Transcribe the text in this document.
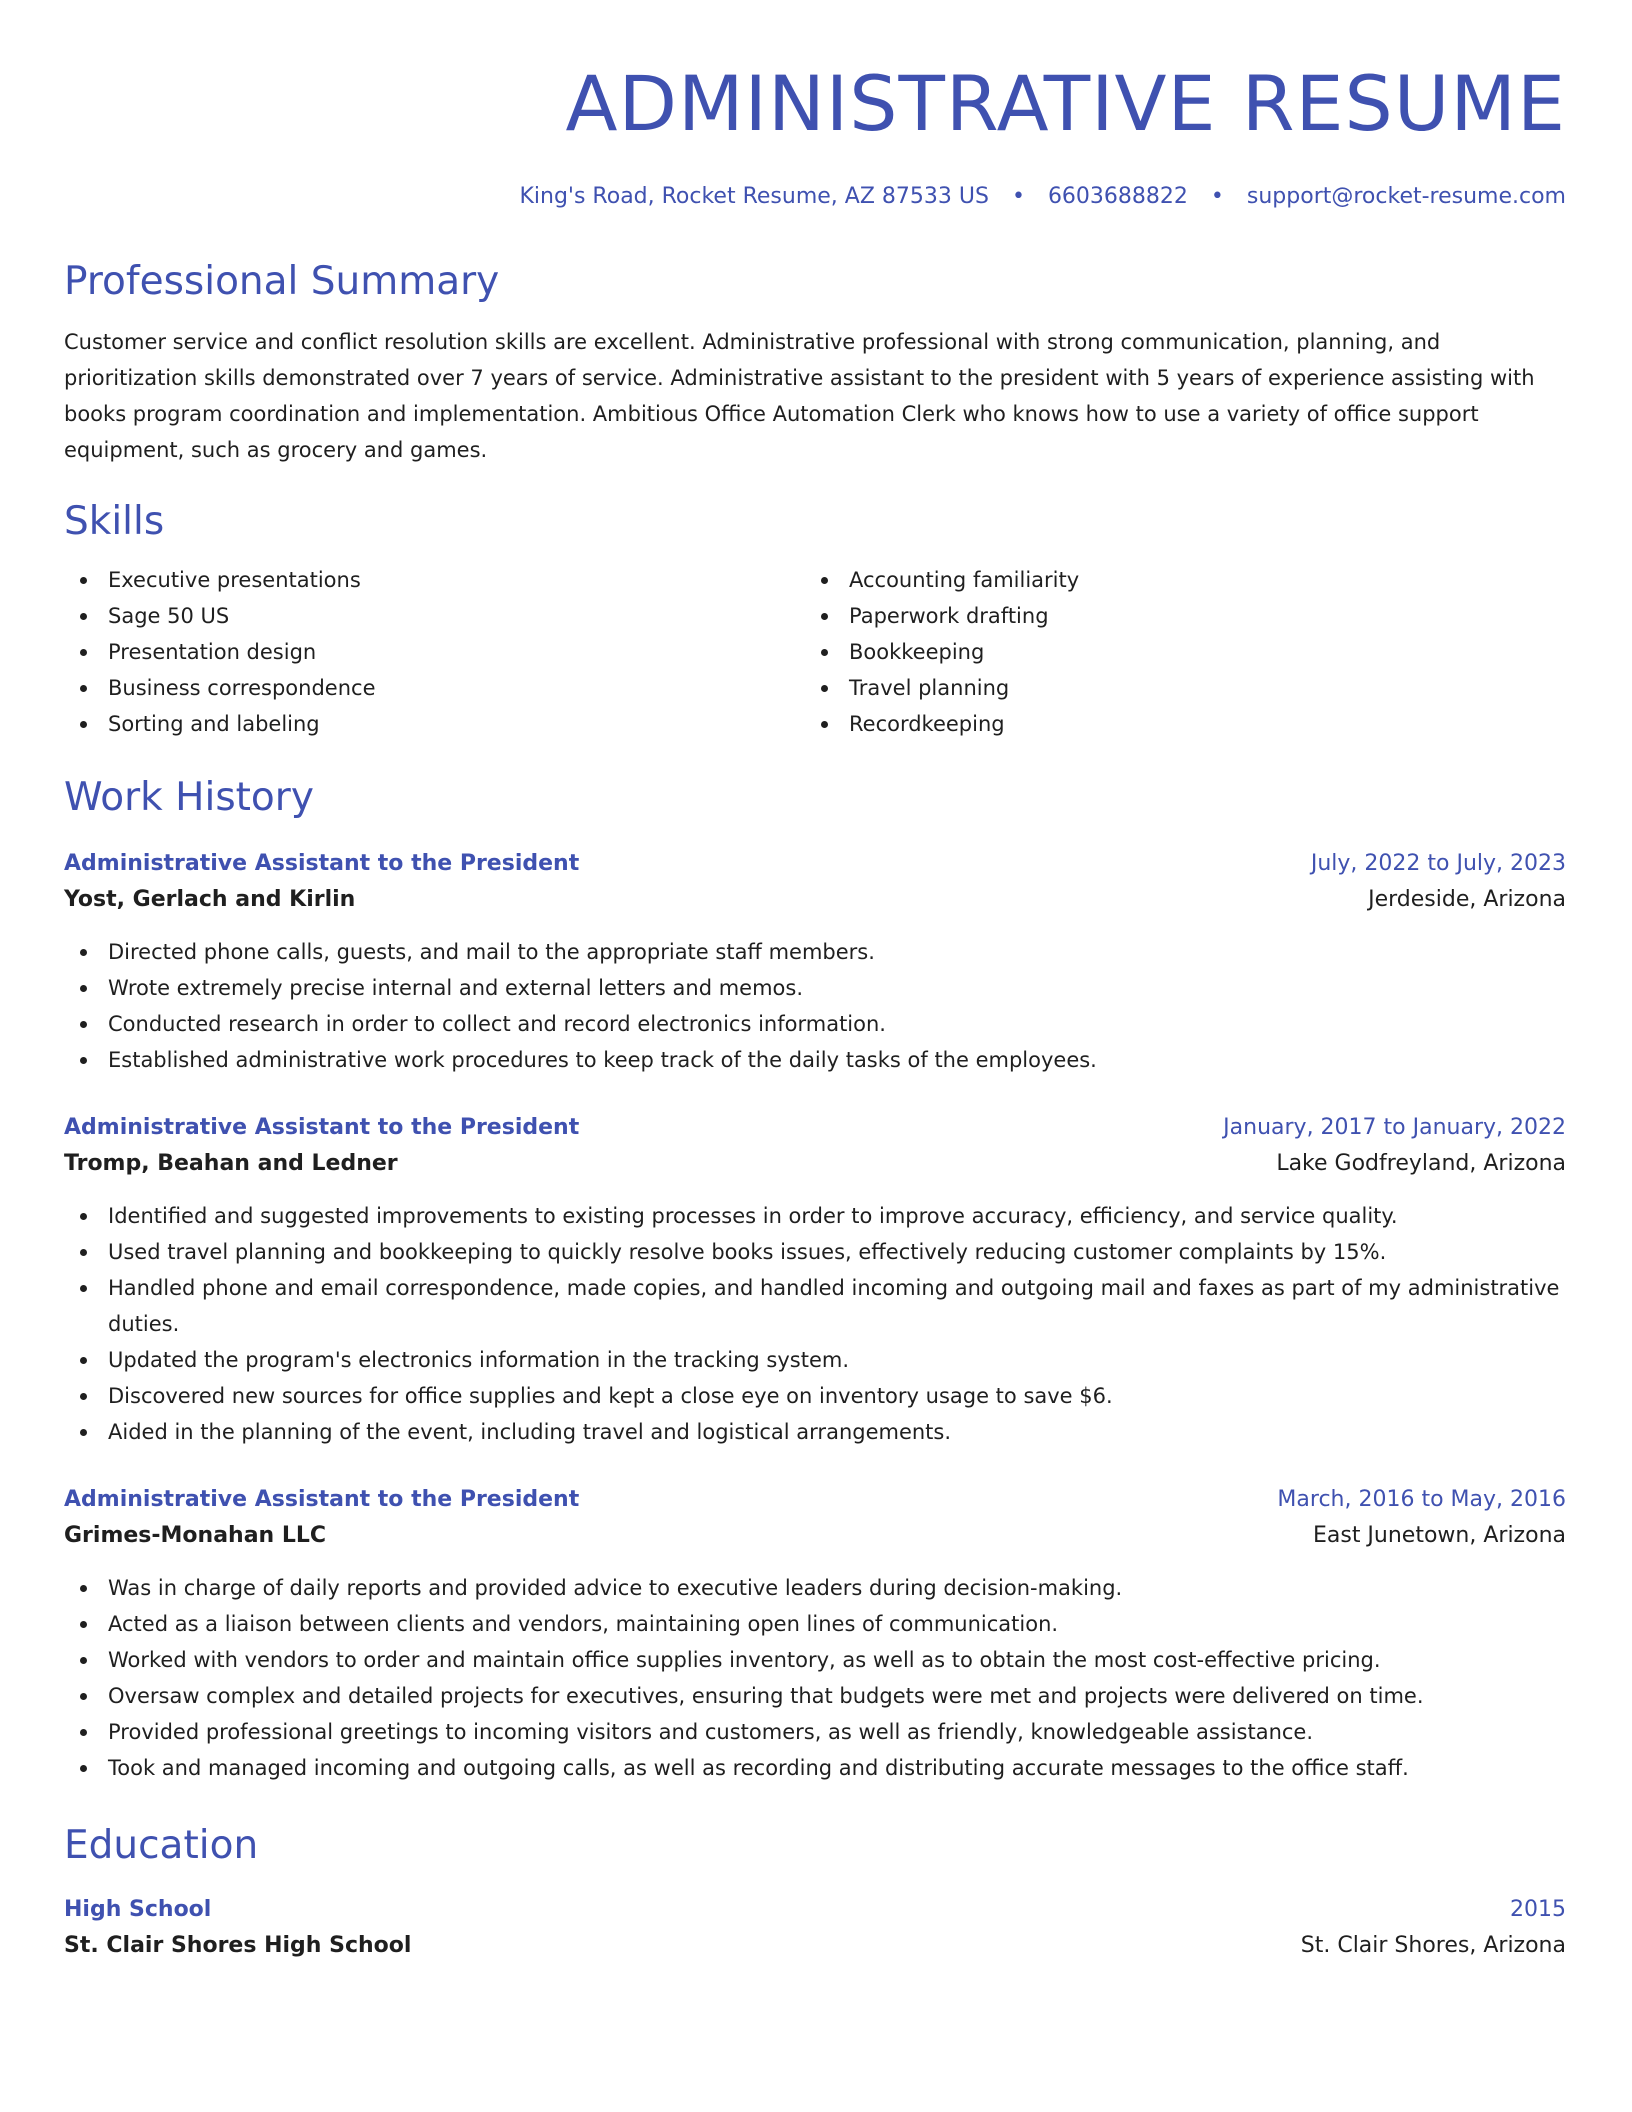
ADMINISTRATIVE RESUME
King's Road, Rocket Resume, AZ 87533 US • 6603688822 • support@rocket-resume.com
Professional Summary
Customer service and conflict resolution skills are excellent. Administrative professional with strong communication, planning, and prioritization skills demonstrated over 7 years of service. Administrative assistant to the president with 5 years of experience assisting with books program coordination and implementation. Ambitious Office Automation Clerk who knows how to use a variety of office support equipment, such as grocery and games.
Skills
Executive presentations
Sage 50 US
Presentation design
Business correspondence
Sorting and labeling
Accounting familiarity
Paperwork drafting
Bookkeeping
Travel planning
Recordkeeping
Work History
Administrative Assistant to the President	July, 2022 to July, 2023
Yost, Gerlach and Kirlin	Jerdeside, Arizona
Directed phone calls, guests, and mail to the appropriate staff members.
Wrote extremely precise internal and external letters and memos.
Conducted research in order to collect and record electronics information.
Established administrative work procedures to keep track of the daily tasks of the employees.
Administrative Assistant to the President	January, 2017 to January, 2022
Tromp, Beahan and Ledner	Lake Godfreyland, Arizona
Identified and suggested improvements to existing processes in order to improve accuracy, efficiency, and service quality.
Used travel planning and bookkeeping to quickly resolve books issues, effectively reducing customer complaints by 15%.
Handled phone and email correspondence, made copies, and handled incoming and outgoing mail and faxes as part of my administrative duties.
Updated the program's electronics information in the tracking system.
Discovered new sources for office supplies and kept a close eye on inventory usage to save $6.
Aided in the planning of the event, including travel and logistical arrangements.
Administrative Assistant to the President	March, 2016 to May, 2016
Grimes-Monahan LLC	East Junetown, Arizona
Was in charge of daily reports and provided advice to executive leaders during decision-making.
Acted as a liaison between clients and vendors, maintaining open lines of communication.
Worked with vendors to order and maintain office supplies inventory, as well as to obtain the most cost-effective pricing.
Oversaw complex and detailed projects for executives, ensuring that budgets were met and projects were delivered on time.
Provided professional greetings to incoming visitors and customers, as well as friendly, knowledgeable assistance.
Took and managed incoming and outgoing calls, as well as recording and distributing accurate messages to the office staff.
Education
High School	2015
St. Clair Shores High School	St. Clair Shores, Arizona
